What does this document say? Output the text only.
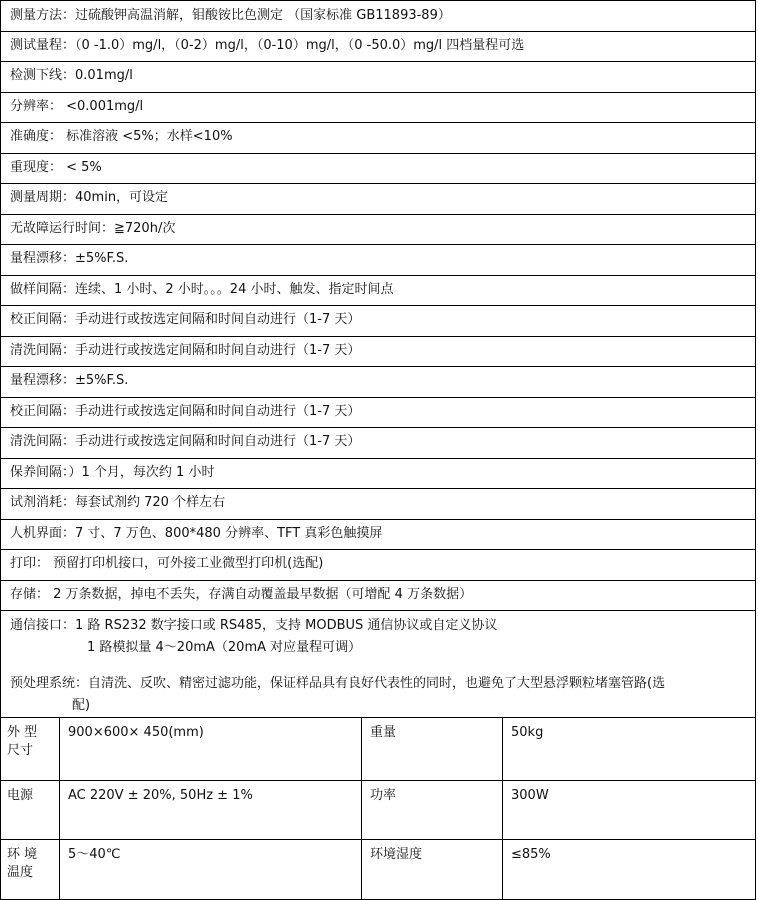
测量方法：过硫酸钾高温消解，钼酸铵比色测定 （国家标准 GB11893-89）
测试量程：（0 -1.0）mg/l，（0-2）mg/l，（0-10）mg/l，（0 -50.0）mg/l 四档量程可选
检测下线：0.01mg/l
分辨率： <0.001mg/l
准确度： 标准溶液 <5%；水样<10%
重现度： < 5%
测量周期：40min，可设定
无故障运行时间：≧720h/次
量程漂移：±5%F.S.
做样间隔：连续、1 小时、2 小时。。。24 小时、触发、指定时间点
校正间隔：手动进行或按选定间隔和时间自动进行（1-7 天）
清洗间隔：手动进行或按选定间隔和时间自动进行（1-7 天）
量程漂移：±5%F.S.
校正间隔：手动进行或按选定间隔和时间自动进行（1-7 天）
清洗间隔：手动进行或按选定间隔和时间自动进行（1-7 天）
保养间隔：）1 个月，每次约 1 小时
试剂消耗：每套试剂约 720 个样左右
人机界面：7 寸、7 万色、800*480 分辨率、TFT 真彩色触摸屏
打印： 预留打印机接口，可外接工业微型打印机(选配)
存储： 2 万条数据，掉电不丢失，存满自动覆盖最早数据（可增配 4 万条数据）
通信接口：1 路 RS232 数字接口或 RS485，支持 MODBUS 通信协议或自定义协议
1 路模拟量 4～20mA（20mA 对应量程可调）
预处理系统：自清洗、反吹、精密过滤功能，保证样品具有良好代表性的同时，也避免了大型悬浮颗粒堵塞管路(选
配)
外 型
尺寸
900×600× 450(mm)	重量	50kg
电源	AC 220V ± 20%, 50Hz ± 1%	功率	300W
环 境
温度
5～40℃	环境湿度	≤85%
